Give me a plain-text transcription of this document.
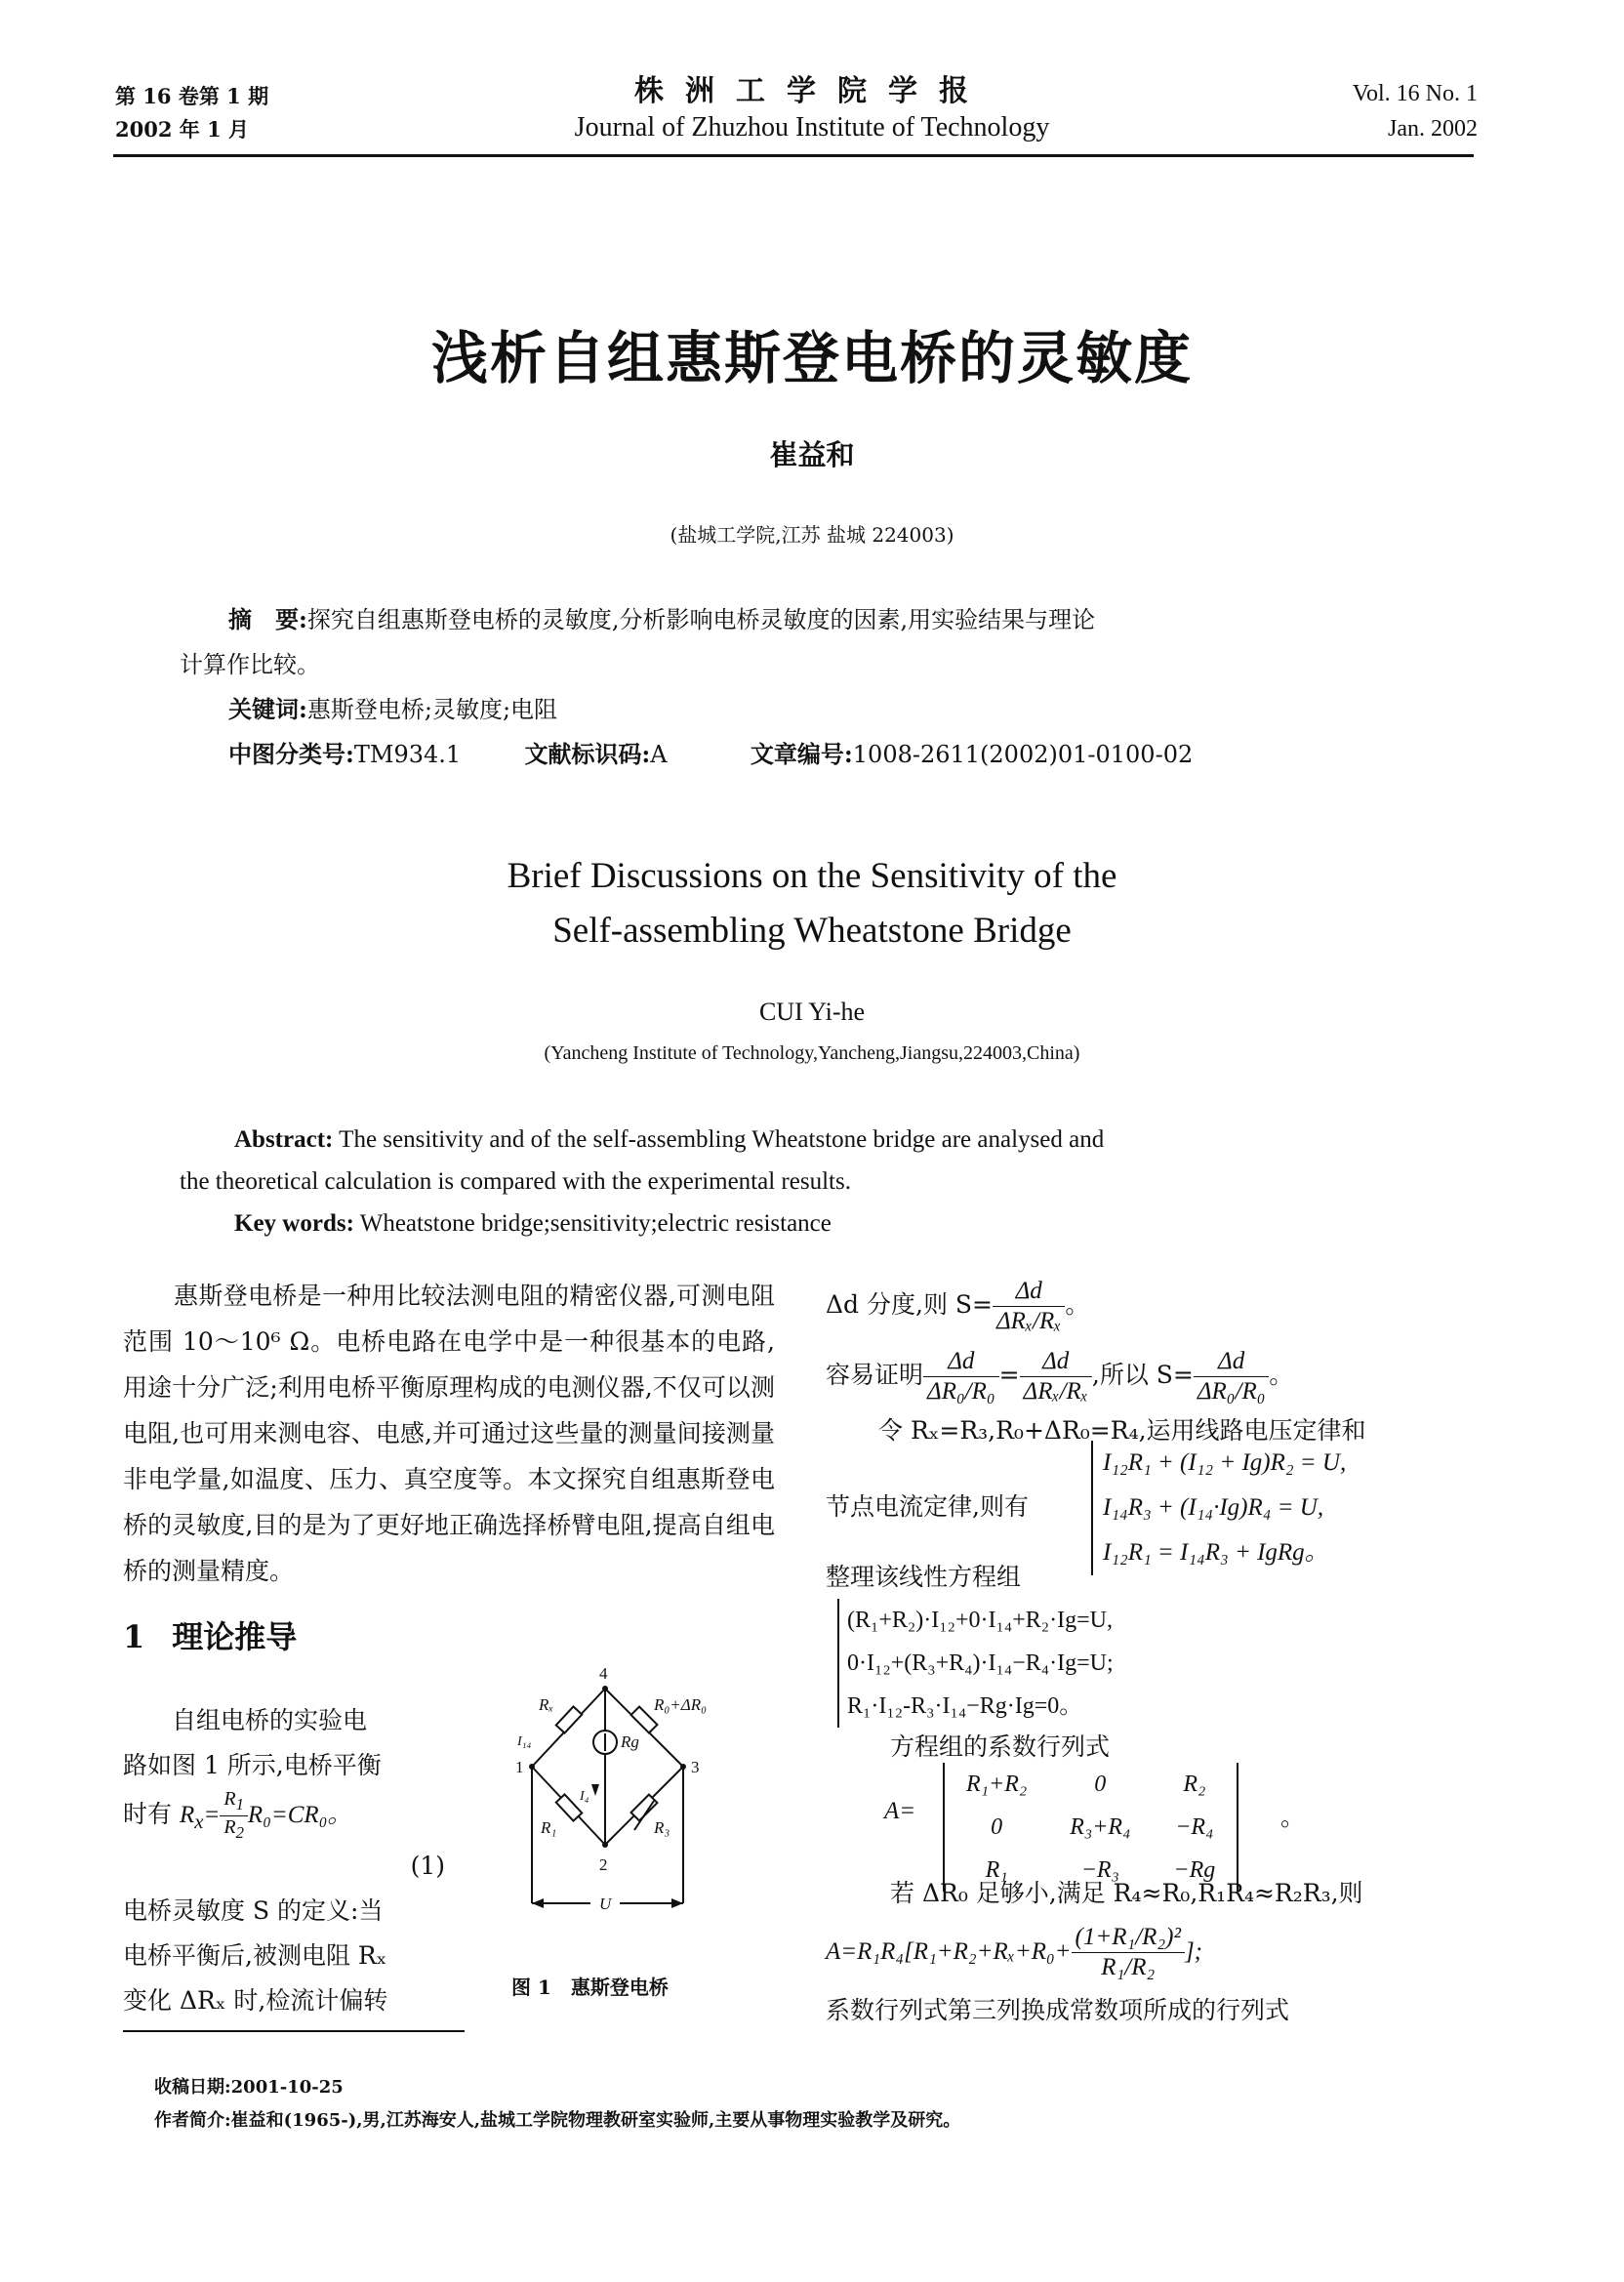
第 16 卷第 1 期
2002 年 1 月
株洲工学院学报
Journal of Zhuzhou Institute of Technology
Vol. 16 No. 1
Jan. 2002
浅析自组惠斯登电桥的灵敏度
崔益和
(盐城工学院,江苏 盐城 224003)
摘　要:探究自组惠斯登电桥的灵敏度,分析影响电桥灵敏度的因素,用实验结果与理论
计算作比较。
关键词:惠斯登电桥;灵敏度;电阻
中图分类号:TM934.1	文献标识码:A	文章编号:1008-2611(2002)01-0100-02
Brief Discussions on the Sensitivity of the
Self-assembling Wheatstone Bridge
CUI Yi-he
(Yancheng Institute of Technology,Yancheng,Jiangsu,224003,China)
Abstract: The sensitivity and of the self-assembling Wheatstone bridge are analysed and
the theoretical calculation is compared with the experimental results.
Key words: Wheatstone bridge;sensitivity;electric resistance

惠斯登电桥是一种用比较法测电阻的精密仪器,可测电阻范围 10～10⁶ Ω。电桥电路在电学中是一种很基本的电路,用途十分广泛;利用电桥平衡原理构成的电测仪器,不仅可以测电阻,也可用来测电容、电感,并可通过这些量的测量间接测量非电学量,如温度、压力、真空度等。本文探究自组惠斯登电桥的灵敏度,目的是为了更好地正确选择桥臂电阻,提高自组电桥的测量精度。

1 理论推导

自组电桥的实验电

路如图 1 所示,电桥平衡

时有 $R_x= \frac{R_1}{R_2} R_0=CR_0$。

(1)

电桥灵敏度 S 的定义:当

电桥平衡后,被测电阻 Rₓ

变化 ΔRₓ 时,检流计偏转

4
1	3
2
Rₓ	R₀+ΔR₀
R₁	R₃
Rg
I₁₄
I₄
U
图 1　惠斯登电桥
Δd 分度,则 $S= \frac{\Delta d}{\text{ΔRₓ/Rₓ}}$ 。
容易证明 $\frac{\Delta d}{\text{ΔR₀/R₀}} = \frac{\Delta d}{\text{ΔRₓ/Rₓ}}$ ,所以 $S= \frac{\Delta d}{\text{ΔR₀/R₀}}$ 。
令 Rₓ=R₃,R₀+ΔR₀=R₄,运用线路电压定律和
节点电流定律,则有
I₁₂R₁ + (I₁₂ + Ig)R₂ = U,
I₁₄R₃ + (I₁₄·Ig)R₄ = U,
I₁₂R₁ = I₁₄R₃ + IgRg。
整理该线性方程组
(R₁+R₂)·I₁₂+0·I₁₄+R₂·Ig=U,
0·I₁₂+(R₃+R₄)·I₁₄−R₄·Ig=U;
R₁·I₁₂-R₃·I₁₄−Rg·Ig=0。
方程组的系数行列式
A=
R₁+R₂	0	R₂
0	R₃+R₄	−R₄
R₁	−R₃	−Rg
。
若 ΔR₀ 足够小,满足 R₄≈R₀,R₁R₄≈R₂R₃,则
$A=R_1R_4[R_1+R_2+R_x+R_0+ \frac{\text{(1+R₁/R₂)²}}{\text{R₁/R₂}}$ ];
系数行列式第三列换成常数项所成的行列式
收稿日期:2001-10-25
作者简介:崔益和(1965-),男,江苏海安人,盐城工学院物理教研室实验师,主要从事物理实验教学及研究。
